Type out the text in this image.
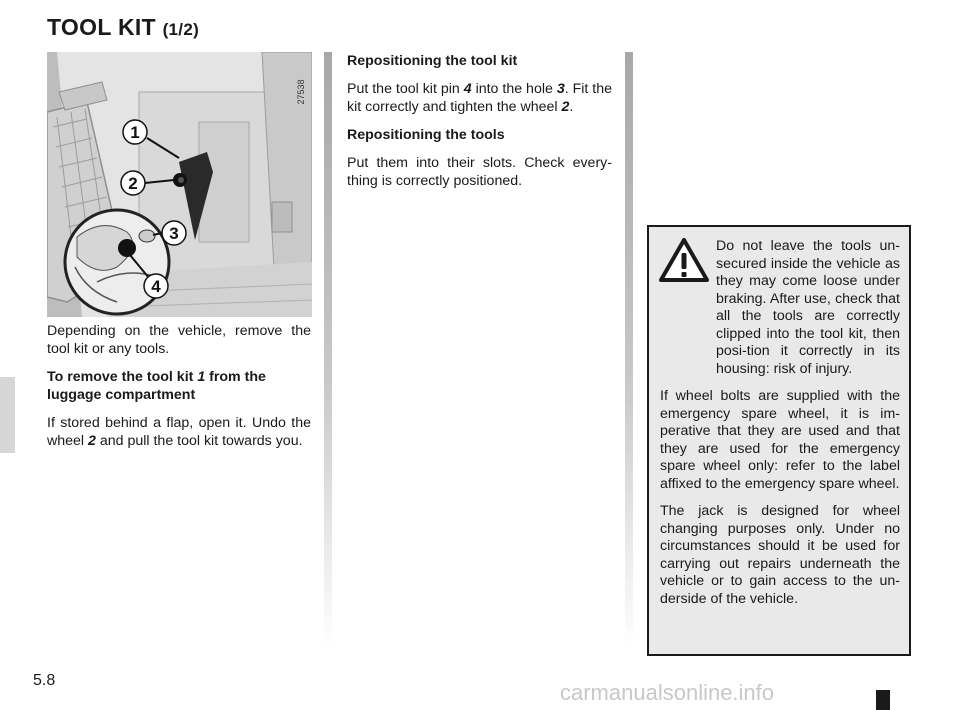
TOOL KIT (1/2)
1
2
3
4
27538

Depending on the vehicle, remove the tool kit or any tools.

To remove the tool kit 1 from the luggage compartment

If stored behind a flap, open it. Undo the wheel 2 and pull the tool kit towards you.

Repositioning the tool kit

Put the tool kit pin 4 into the hole 3. Fit the kit correctly and tighten the wheel 2.

Repositioning the tools

Put them into their slots. Check every-thing is correctly positioned.

Do not leave the tools un-secured inside the vehicle as they may come loose under braking. After use, check that all the tools are correctly clipped into the tool kit, then posi-tion it correctly in its housing: risk of injury.

If wheel bolts are supplied with the emergency spare wheel, it is im-perative that they are used and that they are used for the emergency spare wheel only: refer to the label affixed to the emergency spare wheel.

The jack is designed for wheel changing purposes only. Under no circumstances should it be used for carrying out repairs underneath the vehicle or to gain access to the un-derside of the vehicle.

5.8	carmanualsonline.info
